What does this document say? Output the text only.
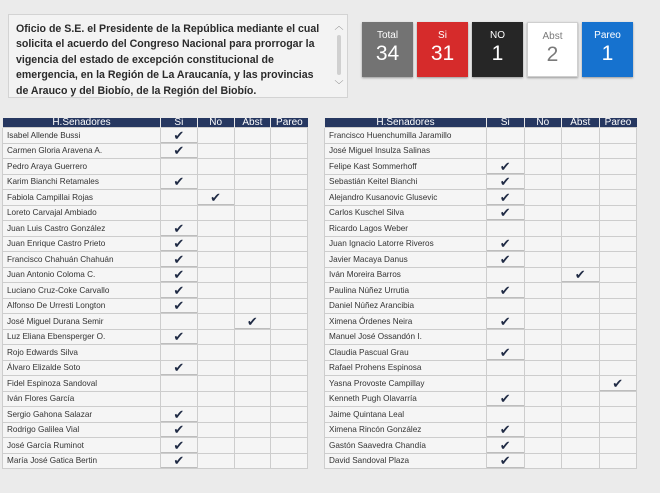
Oficio de S.E. el Presidente de la República mediante el cual solicita el acuerdo del Congreso Nacional para prorrogar la vigencia del estado de excepción constitucional de emergencia, en la Región de La Araucanía, y las provincias de Arauco y del Biobío, de la Región del Biobío.
︿
﹀
Total
34
Si
31
NO
1
Abst
2
Pareo
1
H.Senadores	Si	No	Abst	Pareo
Isabel Allende Bussi	✔			
Carmen Gloria Aravena A.	✔			
Pedro Araya Guerrero				
Karim Bianchi Retamales	✔			
Fabiola Campillai Rojas		✔		
Loreto Carvajal Ambiado				
Juan Luis Castro González	✔			
Juan Enrique Castro Prieto	✔			
Francisco Chahuán Chahuán	✔			
Juan Antonio Coloma C.	✔			
Luciano Cruz-Coke Carvallo	✔			
Alfonso De Urresti Longton	✔			
José Miguel Durana Semir			✔	
Luz Eliana Ebensperger O.	✔			
Rojo Edwards Silva				
Álvaro Elizalde Soto	✔			
Fidel Espinoza Sandoval				
Iván Flores García				
Sergio Gahona Salazar	✔			
Rodrigo Galilea Vial	✔			
José García Ruminot	✔			
María José Gatica Bertin	✔			
H.Senadores	Si	No	Abst	Pareo
Francisco Huenchumilla Jaramillo				
José Miguel Insulza Salinas				
Felipe Kast Sommerhoff	✔			
Sebastián Keitel Bianchi	✔			
Alejandro Kusanovic Glusevic	✔			
Carlos Kuschel Silva	✔			
Ricardo Lagos Weber				
Juan Ignacio Latorre Riveros	✔			
Javier Macaya Danus	✔			
Iván Moreira Barros			✔	
Paulina Núñez Urrutia	✔			
Daniel Núñez Arancibia				
Ximena Órdenes Neira	✔			
Manuel José Ossandón I.				
Claudia Pascual Grau	✔			
Rafael Prohens Espinosa				
Yasna Provoste Campillay				✔
Kenneth Pugh Olavarría	✔			
Jaime Quintana Leal				
Ximena Rincón González	✔			
Gastón Saavedra Chandía	✔			
David Sandoval Plaza	✔			
